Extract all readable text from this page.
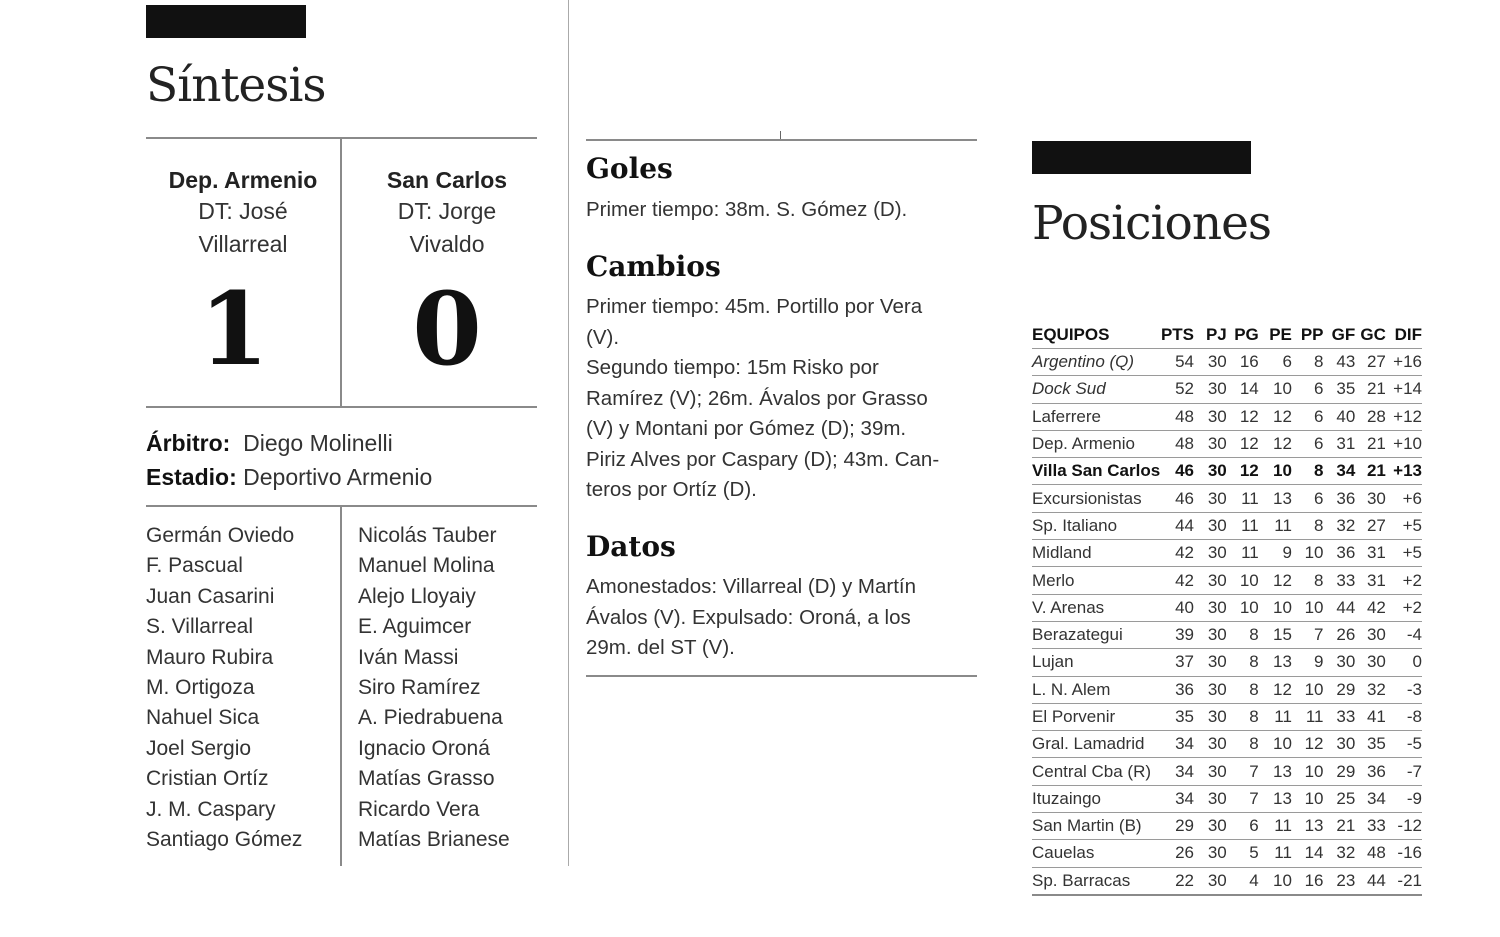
Síntesis
Dep. Armenio
DT: José
Villarreal
1
San Carlos
DT: Jorge
Vivaldo
0
Árbitro: Diego Molinelli
Estadio: Deportivo Armenio
Germán Oviedo
F. Pascual
Juan Casarini
S. Villarreal
Mauro Rubira
M. Ortigoza
Nahuel Sica
Joel Sergio
Cristian Ortíz
J. M. Caspary
Santiago Gómez
Nicolás Tauber
Manuel Molina
Alejo Lloyaiy
E. Aguimcer
Iván Massi
Siro Ramírez
A. Piedrabuena
Ignacio Oroná
Matías Grasso
Ricardo Vera
Matías Brianese
Goles
Primer tiempo: 38m. S. Gómez (D).
Cambios
Primer tiempo: 45m. Portillo por Vera
(V).
Segundo tiempo: 15m Risko por
Ramírez (V); 26m. Ávalos por Grasso
(V) y Montani por Gómez (D); 39m.
Piriz Alves por Caspary (D); 43m. Can-
teros por Ortíz (D).
Datos
Amonestados: Villarreal (D) y Martín
Ávalos (V). Expulsado: Oroná, a los
29m. del ST (V).
Posiciones
EQUIPOS	PTS	PJ	PG	PE	PP	GF	GC	DIF
Argentino (Q)	54	30	16	6	8	43	27	+16
Dock Sud	52	30	14	10	6	35	21	+14
Laferrere	48	30	12	12	6	40	28	+12
Dep. Armenio	48	30	12	12	6	31	21	+10
Villa San Carlos	46	30	12	10	8	34	21	+13
Excursionistas	46	30	11	13	6	36	30	+6
Sp. Italiano	44	30	11	11	8	32	27	+5
Midland	42	30	11	9	10	36	31	+5
Merlo	42	30	10	12	8	33	31	+2
V. Arenas	40	30	10	10	10	44	42	+2
Berazategui	39	30	8	15	7	26	30	-4
Lujan	37	30	8	13	9	30	30	0
L. N. Alem	36	30	8	12	10	29	32	-3
El Porvenir	35	30	8	11	11	33	41	-8
Gral. Lamadrid	34	30	8	10	12	30	35	-5
Central Cba (R)	34	30	7	13	10	29	36	-7
Ituzaingo	34	30	7	13	10	25	34	-9
San Martin (B)	29	30	6	11	13	21	33	-12
Cauelas	26	30	5	11	14	32	48	-16
Sp. Barracas	22	30	4	10	16	23	44	-21
